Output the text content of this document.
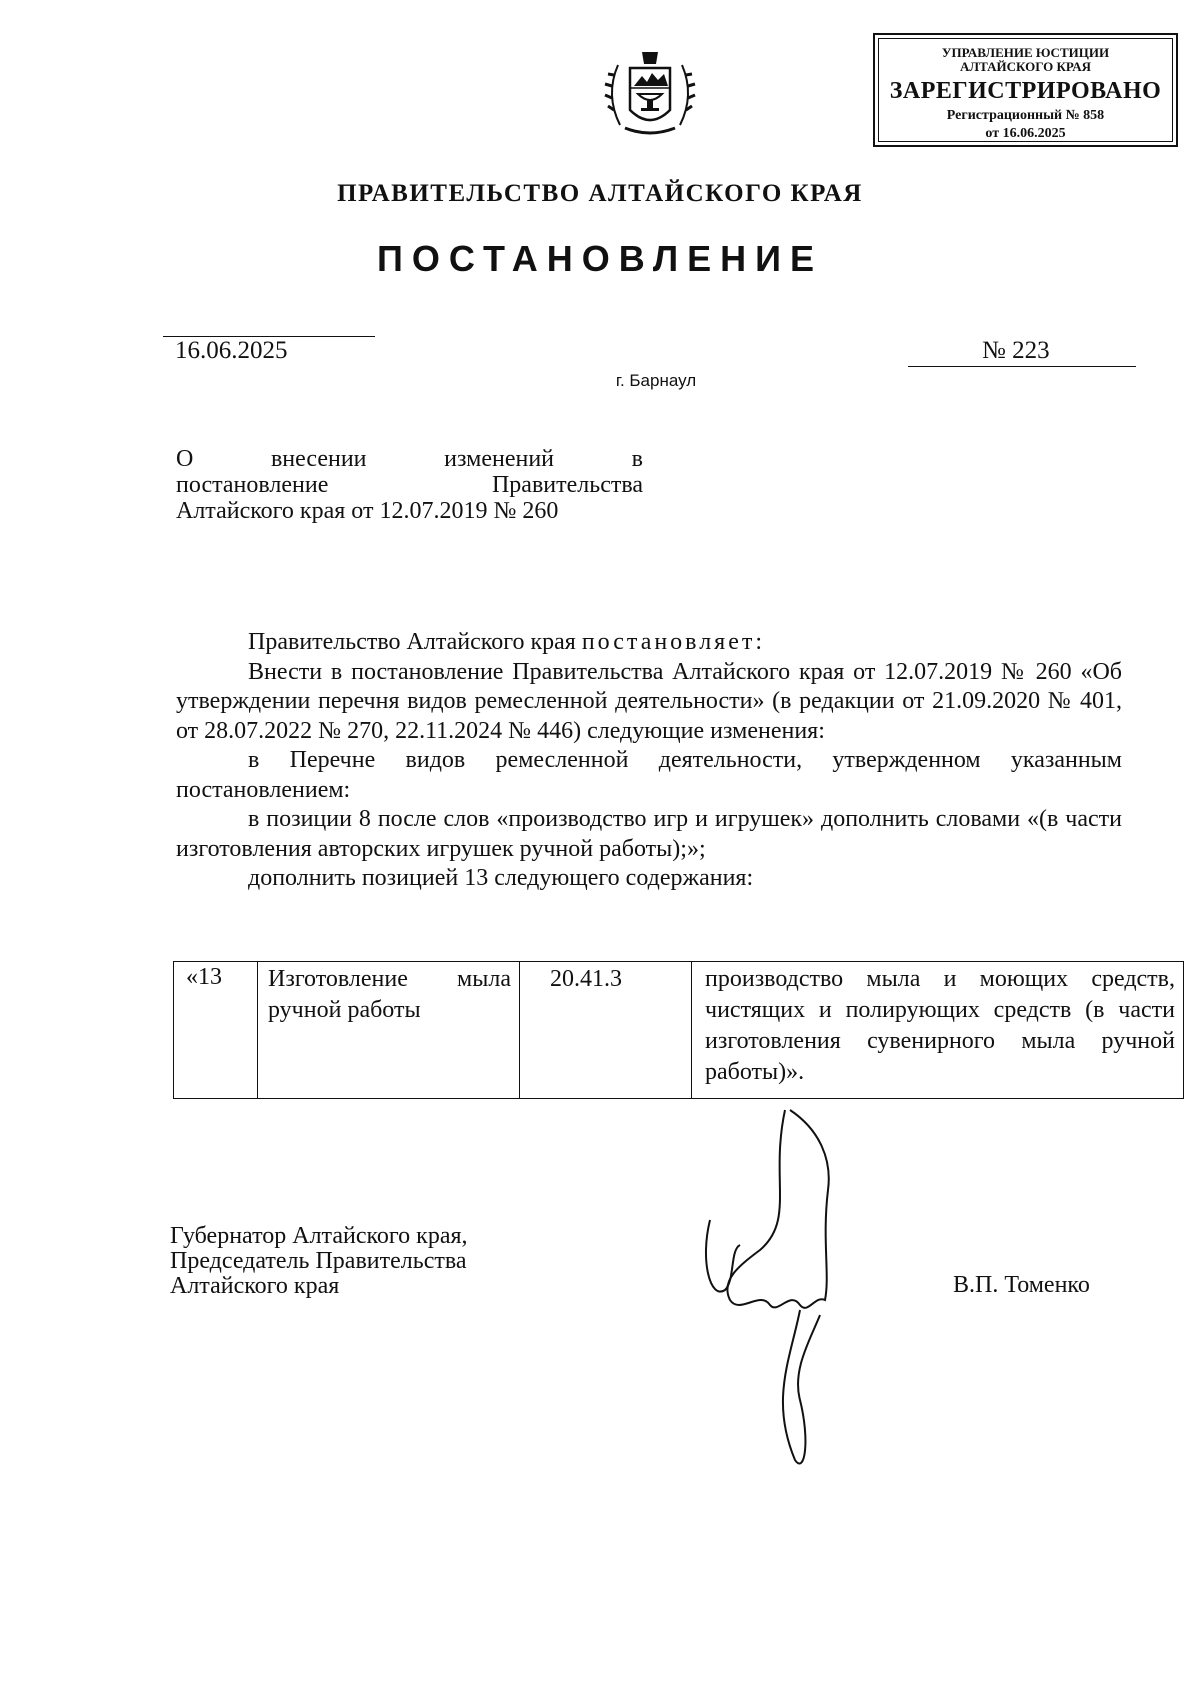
УПРАВЛЕНИЕ ЮСТИЦИИ
АЛТАЙСКОГО КРАЯ
ЗАРЕГИСТРИРОВАНО
Регистрационный № 858
от 16.06.2025
ПРАВИТЕЛЬСТВО АЛТАЙСКОГО КРАЯ
ПОСТАНОВЛЕНИЕ
16.06.2025	№ 223
г. Барнаул
О внесении изменений в
постановление Правительства
Алтайского края от 12.07.2019 № 260
Правительство Алтайского края постановляет:
Внести в постановление Правительства Алтайского края от 12.07.2019 № 260 «Об утверждении перечня видов ремесленной деятельности» (в редакции от 21.09.2020 № 401, от 28.07.2022 № 270, 22.11.2024 № 446) следующие изменения:
в Перечне видов ремесленной деятельности, утвержденном указанным постановлением:
в позиции 8 после слов «производство игр и игрушек» дополнить словами «(в части изготовления авторских игрушек ручной работы);»;
дополнить позицией 13 следующего содержания:
«13	Изготовление мыла ручной работы	20.41.3	производство мыла и моющих средств, чистящих и полирующих средств (в части изготовления сувенирного мыла ручной работы)».
Губернатор Алтайского края,
Председатель Правительства
Алтайского края	В.П. Томенко
